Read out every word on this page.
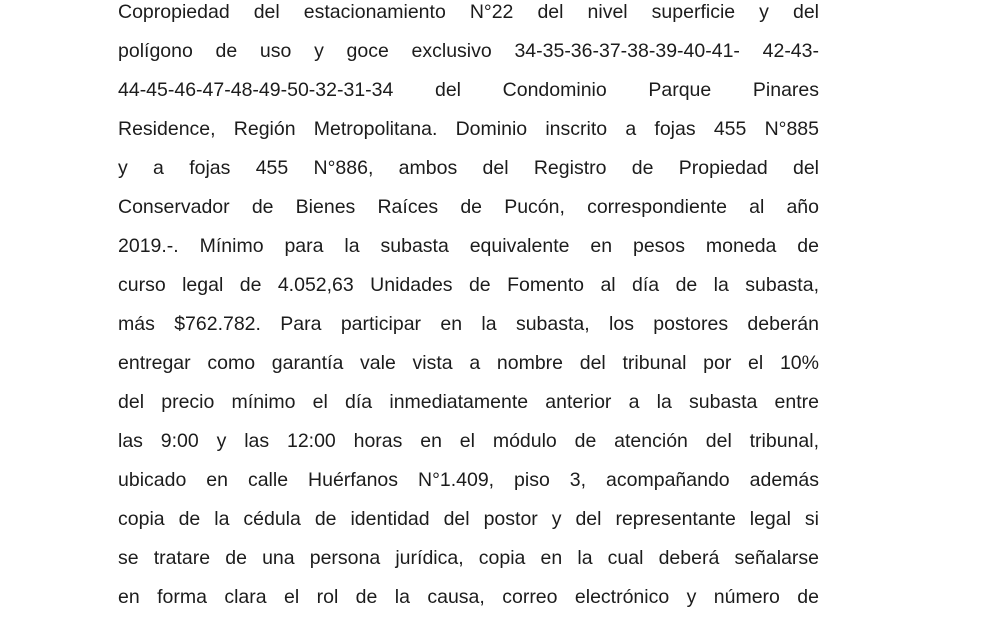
Copropiedad del estacionamiento N°22 del nivel superficie y del
polígono de uso y goce exclusivo 34-35-36-37-38-39-40-41- 42-43-
44-45-46-47-48-49-50-32-31-34 del Condominio Parque Pinares
Residence, Región Metropolitana. Dominio inscrito a fojas 455 N°885
y a fojas 455 N°886, ambos del Registro de Propiedad del
Conservador de Bienes Raíces de Pucón, correspondiente al año
2019.-. Mínimo para la subasta equivalente en pesos moneda de
curso legal de 4.052,63 Unidades de Fomento al día de la subasta,
más $762.782. Para participar en la subasta, los postores deberán
entregar como garantía vale vista a nombre del tribunal por el 10%
del precio mínimo el día inmediatamente anterior a la subasta entre
las 9:00 y las 12:00 horas en el módulo de atención del tribunal,
ubicado en calle Huérfanos N°1.409, piso 3, acompañando además
copia de la cédula de identidad del postor y del representante legal si
se tratare de una persona jurídica, copia en la cual deberá señalarse
en forma clara el rol de la causa, correo electrónico y número de
